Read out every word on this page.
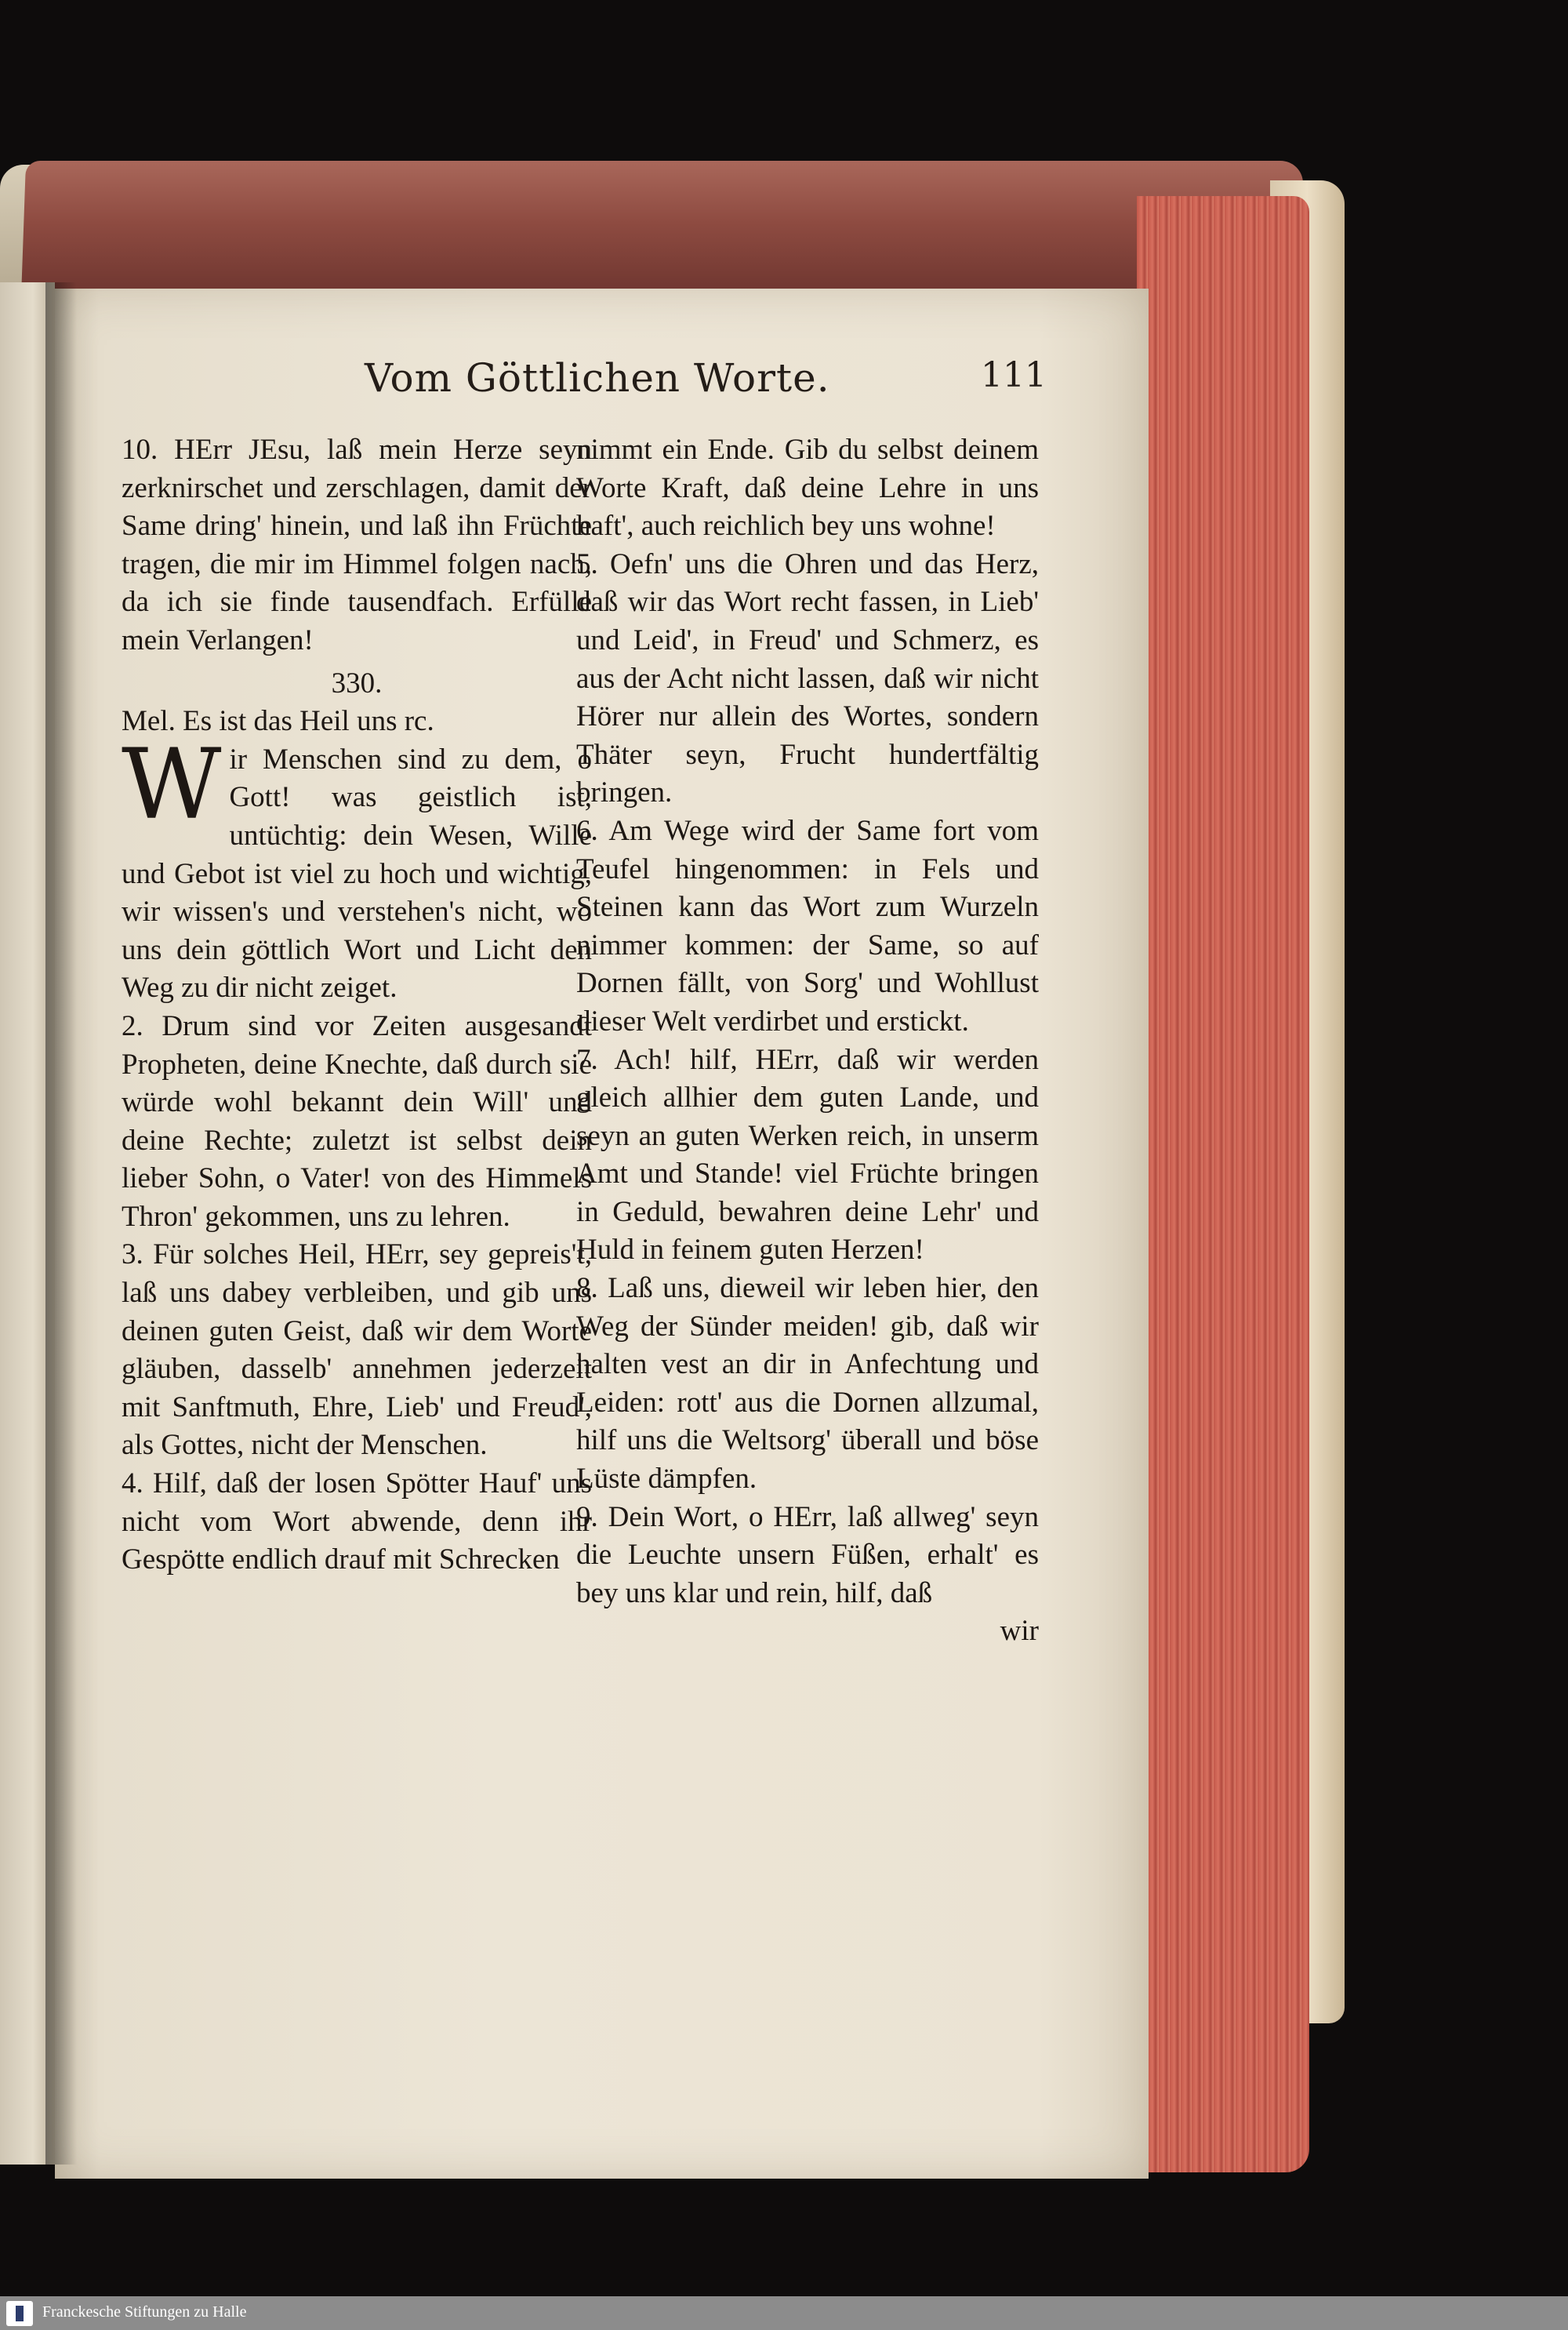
Vom Göttlichen Worte.	111

10. HErr JEsu, laß mein Herze seyn zerknirschet und zerschlagen, damit der Same dring' hinein, und laß ihn Früchte tragen, die mir im Himmel folgen nach, da ich sie finde tausendfach. Erfülle mein Verlangen!

330.

Mel. Es ist das Heil uns rc.

Wir Menschen sind zu dem, o Gott! was geistlich ist, untüchtig: dein Wesen, Wille und Gebot ist viel zu hoch und wichtig, wir wissen's und verstehen's nicht, wo uns dein göttlich Wort und Licht den Weg zu dir nicht zeiget.

2. Drum sind vor Zeiten ausgesandt Propheten, deine Knechte, daß durch sie würde wohl bekannt dein Will' und deine Rechte; zuletzt ist selbst dein lieber Sohn, o Vater! von des Himmels Thron' gekommen, uns zu lehren.

3. Für solches Heil, HErr, sey gepreis't, laß uns dabey verbleiben, und gib uns deinen guten Geist, daß wir dem Worte gläuben, dasselb' annehmen jederzeit mit Sanftmuth, Ehre, Lieb' und Freud', als Gottes, nicht der Menschen.

4. Hilf, daß der losen Spötter Hauf' uns nicht vom Wort abwende, denn ihr Gespötte endlich drauf mit Schrecken

nimmt ein Ende. Gib du selbst deinem Worte Kraft, daß deine Lehre in uns haft', auch reichlich bey uns wohne!

5. Oefn' uns die Ohren und das Herz, daß wir das Wort recht fassen, in Lieb' und Leid', in Freud' und Schmerz, es aus der Acht nicht lassen, daß wir nicht Hörer nur allein des Wortes, sondern Thäter seyn, Frucht hundertfältig bringen.

6. Am Wege wird der Same fort vom Teufel hingenommen: in Fels und Steinen kann das Wort zum Wurzeln nimmer kommen: der Same, so auf Dornen fällt, von Sorg' und Wohllust dieser Welt verdirbet und erstickt.

7. Ach! hilf, HErr, daß wir werden gleich allhier dem guten Lande, und seyn an guten Werken reich, in unserm Amt und Stande! viel Früchte bringen in Geduld, bewahren deine Lehr' und Huld in feinem guten Herzen!

8. Laß uns, dieweil wir leben hier, den Weg der Sünder meiden! gib, daß wir halten vest an dir in Anfechtung und Leiden: rott' aus die Dornen allzumal, hilf uns die Weltsorg' überall und böse Lüste dämpfen.

9. Dein Wort, o HErr, laß allweg' seyn die Leuchte unsern Füßen, erhalt' es bey uns klar und rein, hilf, daß

wir

Franckesche Stiftungen zu Halle
